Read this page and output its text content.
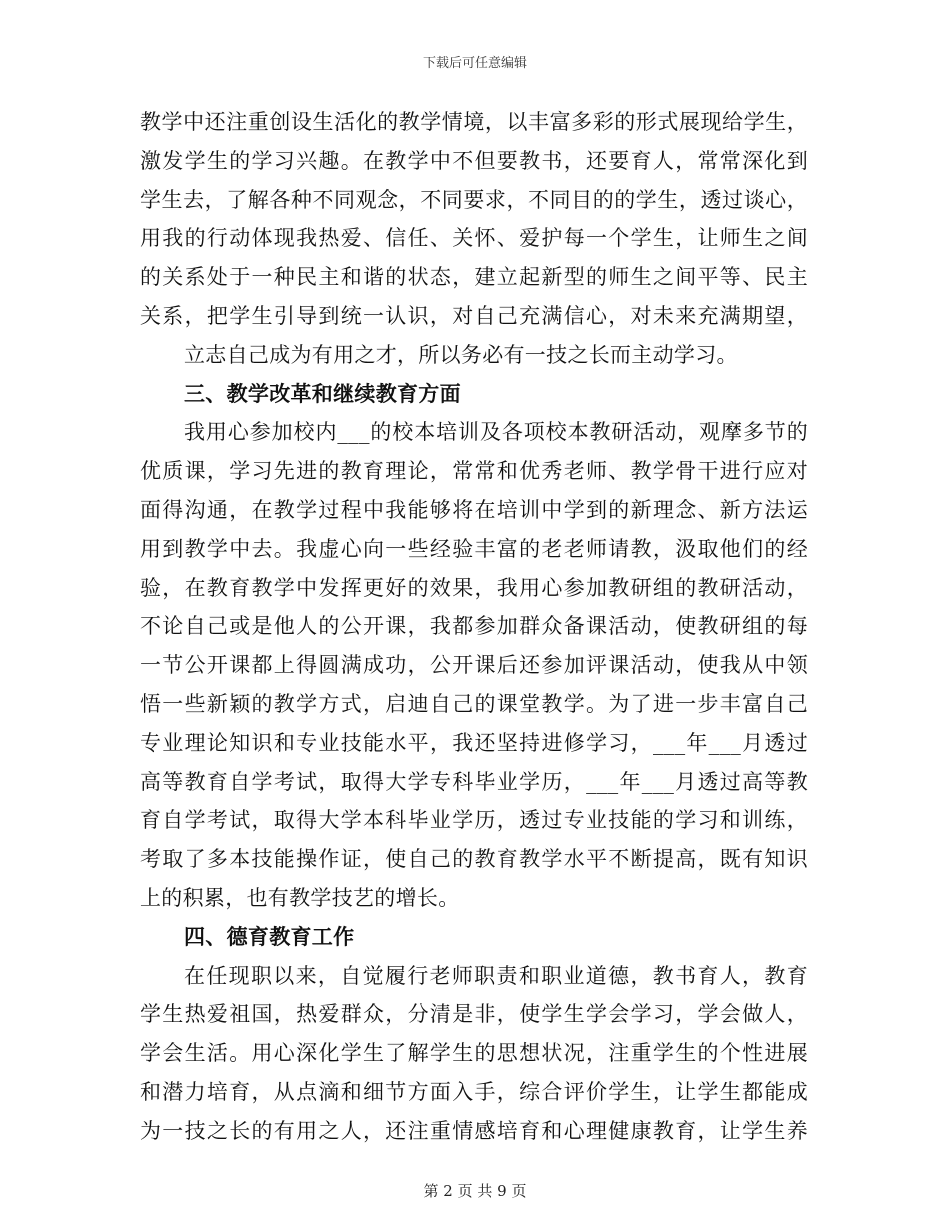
下载后可任意编辑
教学中还注重创设生活化的教学情境，以丰富多彩的形式展现给学生，
激发学生的学习兴趣。在教学中不但要教书，还要育人，常常深化到
学生去，了解各种不同观念，不同要求，不同目的的学生，透过谈心，
用我的行动体现我热爱、信任、关怀、爱护每一个学生，让师生之间
的关系处于一种民主和谐的状态，建立起新型的师生之间平等、民主
关系，把学生引导到统一认识，对自己充满信心，对未来充满期望，
立志自己成为有用之才，所以务必有一技之长而主动学习。
三、教学改革和继续教育方面
我用心参加校内___的校本培训及各项校本教研活动，观摩多节的
优质课，学习先进的教育理论，常常和优秀老师、教学骨干进行应对
面得沟通，在教学过程中我能够将在培训中学到的新理念、新方法运
用到教学中去。我虚心向一些经验丰富的老老师请教，汲取他们的经
验，在教育教学中发挥更好的效果，我用心参加教研组的教研活动，
不论自己或是他人的公开课，我都参加群众备课活动，使教研组的每
一节公开课都上得圆满成功，公开课后还参加评课活动，使我从中领
悟一些新颖的教学方式，启迪自己的课堂教学。为了进一步丰富自己
专业理论知识和专业技能水平，我还坚持进修学习，___年___月透过
高等教育自学考试，取得大学专科毕业学历，___年___月透过高等教
育自学考试，取得大学本科毕业学历，透过专业技能的学习和训练，
考取了多本技能操作证，使自己的教育教学水平不断提高，既有知识
上的积累，也有教学技艺的增长。
四、德育教育工作
在任现职以来，自觉履行老师职责和职业道德，教书育人，教育
学生热爱祖国，热爱群众，分清是非，使学生学会学习，学会做人，
学会生活。用心深化学生了解学生的思想状况，注重学生的个性进展
和潜力培育，从点滴和细节方面入手，综合评价学生，让学生都能成
为一技之长的有用之人，还注重情感培育和心理健康教育，让学生养
第 2 页 共 9 页
